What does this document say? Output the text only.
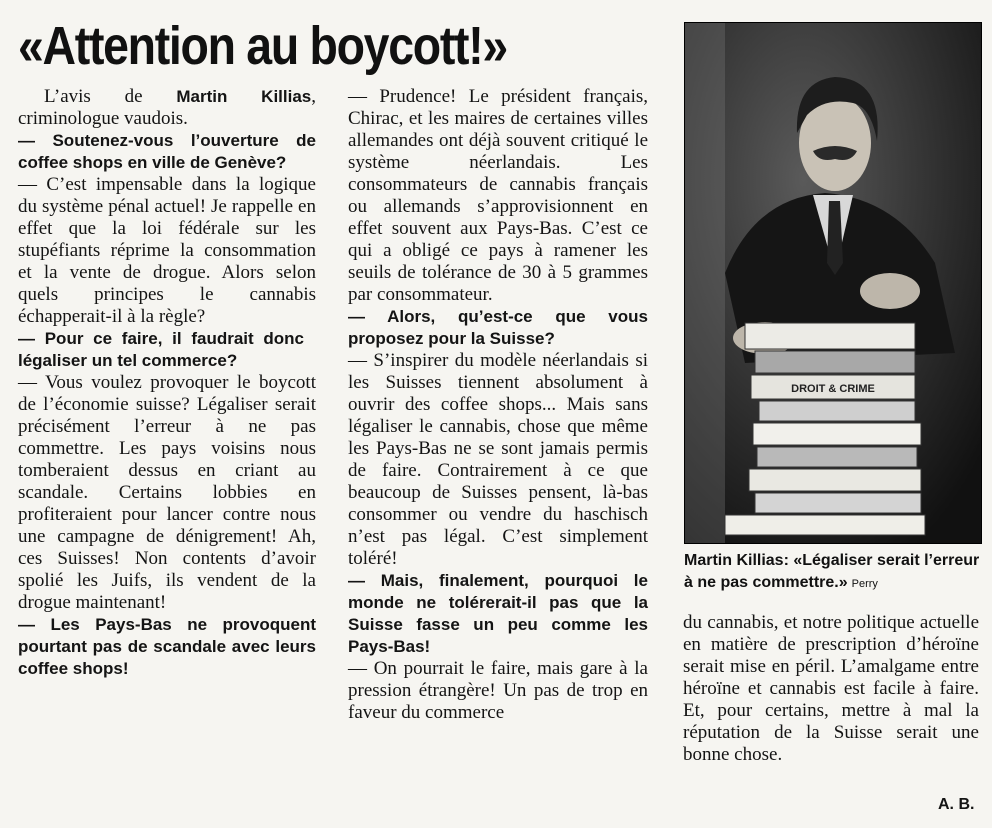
«Attention au boycott!»

L’avis de Martin Killias, criminologue vaudois.

— Soutenez-vous l’ouverture de coffee shops en ville de Genève?

— C’est impensable dans la logique du système pénal actuel! Je rappelle en effet que la loi fédérale sur les stupéfiants réprime la consommation et la vente de drogue. Alors selon quels principes le cannabis échapperait-il à la règle?

— Pour ce faire, il faudrait donc légaliser un tel commerce?

— Vous voulez provoquer le boycott de l’économie suisse? Légaliser serait précisément l’erreur à ne pas commettre. Les pays voisins nous tomberaient dessus en criant au scandale. Certains lobbies en profiteraient pour lancer contre nous une campagne de dénigrement! Ah, ces Suisses! Non contents d’avoir spolié les Juifs, ils vendent de la drogue maintenant!

— Les Pays-Bas ne provoquent pourtant pas de scandale avec leurs coffee shops!

— Prudence! Le président français, Chirac, et les maires de certaines villes allemandes ont déjà souvent critiqué le système néerlandais. Les consommateurs de cannabis français ou allemands s’approvisionnent en effet souvent aux Pays-Bas. C’est ce qui a obligé ce pays à ramener les seuils de tolérance de 30 à 5 grammes par consommateur.

— Alors, qu’est-ce que vous proposez pour la Suisse?

— S’inspirer du modèle néerlandais si les Suisses tiennent absolument à ouvrir des coffee shops... Mais sans légaliser le cannabis, chose que même les Pays-Bas ne se sont jamais permis de faire. Contrairement à ce que beaucoup de Suisses pensent, là-bas consommer ou vendre du haschisch n’est pas légal. C’est simplement toléré!

— Mais, finalement, pourquoi le monde ne tolérerait-il pas que la Suisse fasse un peu comme les Pays-Bas!

— On pourrait le faire, mais gare à la pression étrangère! Un pas de trop en faveur du commerce

DROIT & CRIME
Martin Killias: «Légaliser serait l’erreur à ne pas commettre.» Perry

du cannabis, et notre politique actuelle en matière de prescription d’héroïne serait mise en péril. L’amalgame entre héroïne et cannabis est facile à faire. Et, pour certains, mettre à mal la réputation de la Suisse serait une bonne chose.

A. B.
